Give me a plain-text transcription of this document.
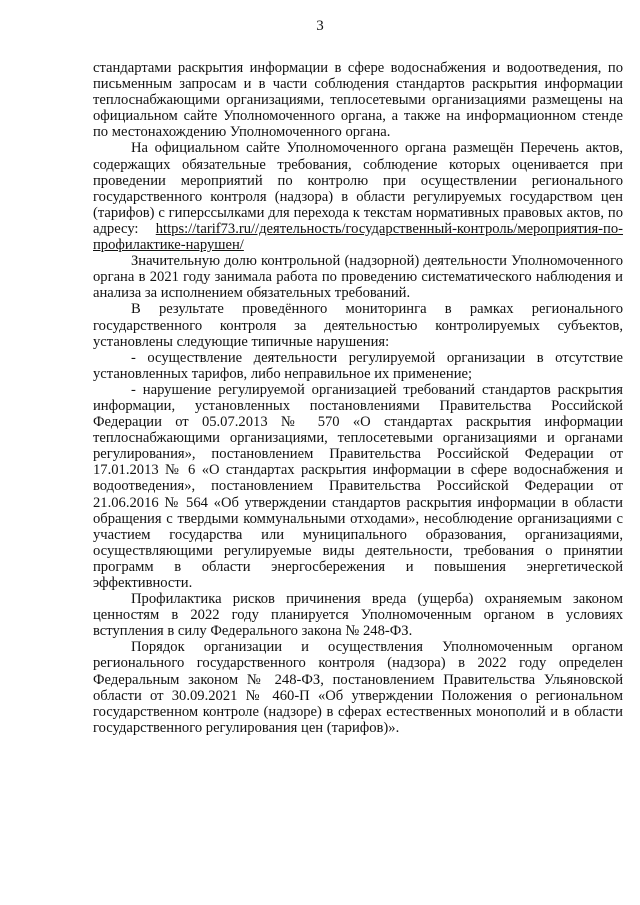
3

стандартами раскрытия информации в сфере водоснабжения и водоотведения, по письменным запросам и в части соблюдения стандартов раскрытия информации теплоснабжающими организациями, теплосетевыми организациями размещены на официальном сайте Уполномоченного органа, а также на информационном стенде по местонахождению Уполномоченного органа.

На официальном сайте Уполномоченного органа размещён Перечень актов, содержащих обязательные требования, соблюдение которых оценивается при проведении мероприятий по контролю при осуществлении регионального государственного контроля (надзора) в области регулируемых государством цен (тарифов) с гиперссылками для перехода к текстам нормативных правовых актов, по адресу: https://tarif73.ru//деятельность/государственный-контроль/мероприятия-по-профилактике-нарушен/

Значительную долю контрольной (надзорной) деятельности Уполномоченного органа в 2021 году занимала работа по проведению систематического наблюдения и анализа за исполнением обязательных требований.

В результате проведённого мониторинга в рамках регионального государственного контроля за деятельностью контролируемых субъектов, установлены следующие типичные нарушения:

- осуществление деятельности регулируемой организации в отсутствие установленных тарифов, либо неправильное их применение;

- нарушение регулируемой организацией требований стандартов раскрытия информации, установленных постановлениями Правительства Российской Федерации от 05.07.2013 № 570 «О стандартах раскрытия информации теплоснабжающими организациями, теплосетевыми организациями и органами регулирования», постановлением Правительства Российской Федерации от 17.01.2013 № 6 «О стандартах раскрытия информации в сфере водоснабжения и водоотведения», постановлением Правительства Российской Федерации от 21.06.2016 № 564 «Об утверждении стандартов раскрытия информации в области обращения с твердыми коммунальными отходами», несоблюдение организациями с участием государства или муниципального образования, организациями, осуществляющими регулируемые виды деятельности, требования о принятии программ в области энергосбережения и повышения энергетической эффективности.

Профилактика рисков причинения вреда (ущерба) охраняемым законом ценностям в 2022 году планируется Уполномоченным органом в условиях вступления в силу Федерального закона № 248-ФЗ.

Порядок организации и осуществления Уполномоченным органом регионального государственного контроля (надзора) в 2022 году определен Федеральным законом № 248-ФЗ, постановлением Правительства Ульяновской области от 30.09.2021 № 460-П «Об утверждении Положения о региональном государственном контроле (надзоре) в сферах естественных монополий и в области государственного регулирования цен (тарифов)».
